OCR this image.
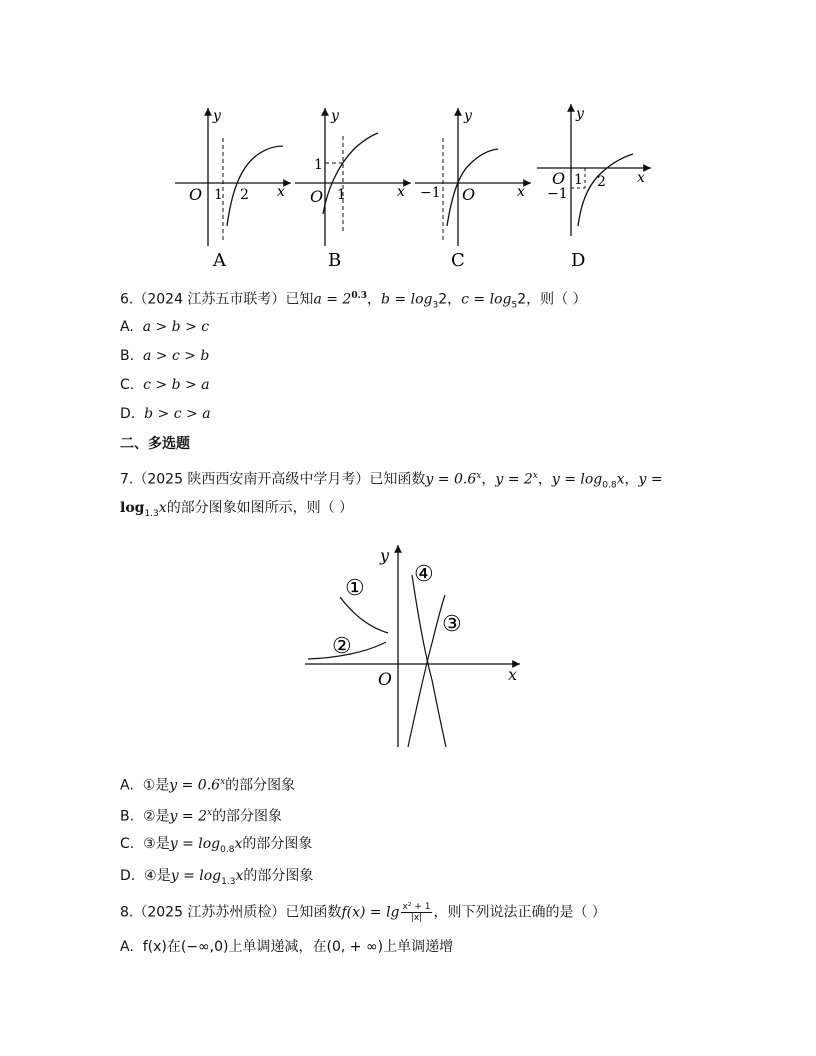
y
x
O 1 2
A
y
x
O
1
1
B
y
x
O
−1
C
y
x
O 1 2
−1
D
6.（2024 江苏五市联考）已知$a = 2^{0.3}$，$b = \log_32$，$c = \log_52$，则（ ）
A. a > b > c
B. a > c > b
C. c > b > a
D. b > c > a
二、多选题
7.（2025 陕西西安南开高级中学月考）已知函数$y = 0.6^x$，$y = 2^x$，$y = \log_{0.8}x$，y =
$\log_{1.3}x$的部分图象如图所示，则（ ）
y
x
O
①
②
③
④
A. ①是$y = 0.6^x$的部分图象
B. ②是$y = 2^x$的部分图象
C. ③是$y = \log_{0.8}x$的部分图象
D. ④是$y = \log_{1.3}x$的部分图象
8.（2025 江苏苏州质检）已知函数$f(x) = \lg \frac{\text{x² + 1}}{|x|}$ ，则下列说法正确的是（ ）
A. f(x)在(−∞,0)上单调递减，在(0, + ∞)上单调递增
